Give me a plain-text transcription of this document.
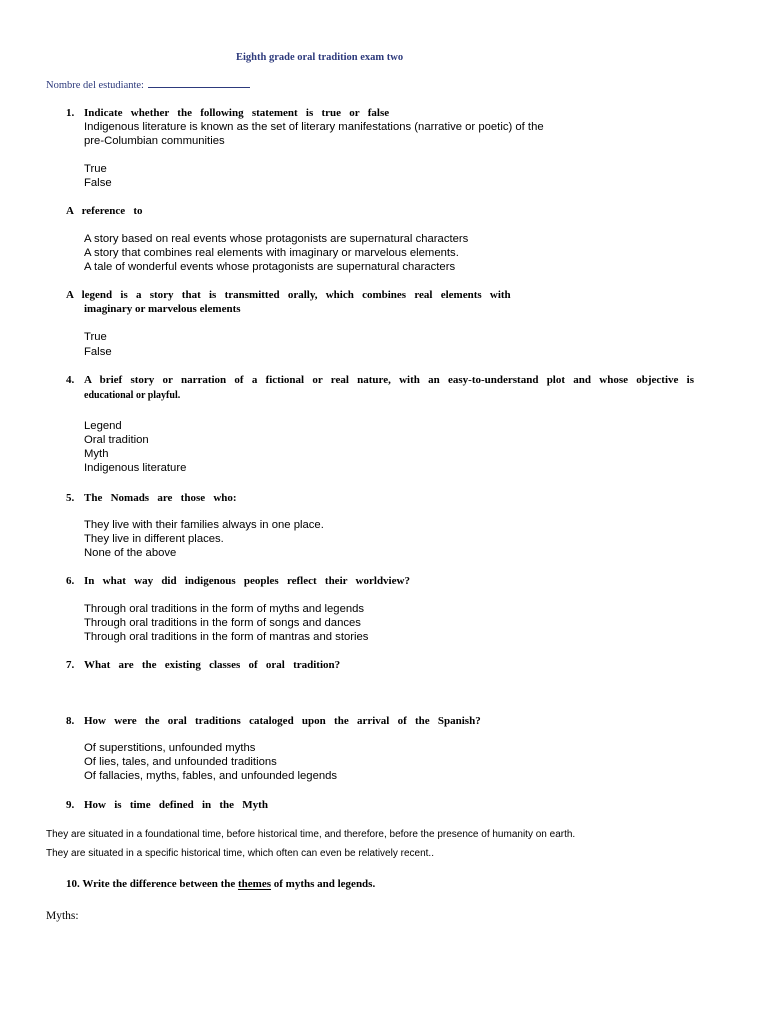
Eighth grade oral tradition exam two
Nombre del estudiante:
1. Indicate   whether   the   following   statement   is   true   or   false
Indigenous literature is known as the set of literary manifestations (narrative or poetic) of the
pre-Columbian communities
True
False
A   reference   to
A story based on real events whose protagonists are supernatural characters
A story that combines real elements with imaginary or marvelous elements.
A tale of wonderful events whose protagonists are supernatural characters
A   legend   is   a   story   that   is   transmitted   orally,   which   combines   real   elements   with
imaginary or marvelous elements
True
False
4. A   brief   story   or   narration   of   a   fictional   or   real   nature,   with   an   easy-to-understand   plot   and   whose   objective   is
educational or playful.
Legend
Oral tradition
Myth
Indigenous literature
5. The   Nomads   are   those   who:
They live with their families always in one place.
They live in different places.
None of the above
6. In   what   way   did   indigenous   peoples   reflect   their   worldview?
Through oral traditions in the form of myths and legends
Through oral traditions in the form of songs and dances
Through oral traditions in the form of mantras and stories
7. What   are   the   existing   classes   of   oral   tradition?
8. How   were   the   oral   traditions   cataloged   upon   the   arrival   of   the   Spanish?
Of superstitions, unfounded myths
Of lies, tales, and unfounded traditions
Of fallacies, myths, fables, and unfounded legends
9. How   is   time   defined   in   the   Myth
They are situated in a foundational time, before historical time, and therefore, before the presence of humanity on earth.
They are situated in a specific historical time, which often can even be relatively recent..
10. Write the difference between the themes of myths and legends.
Myths:
